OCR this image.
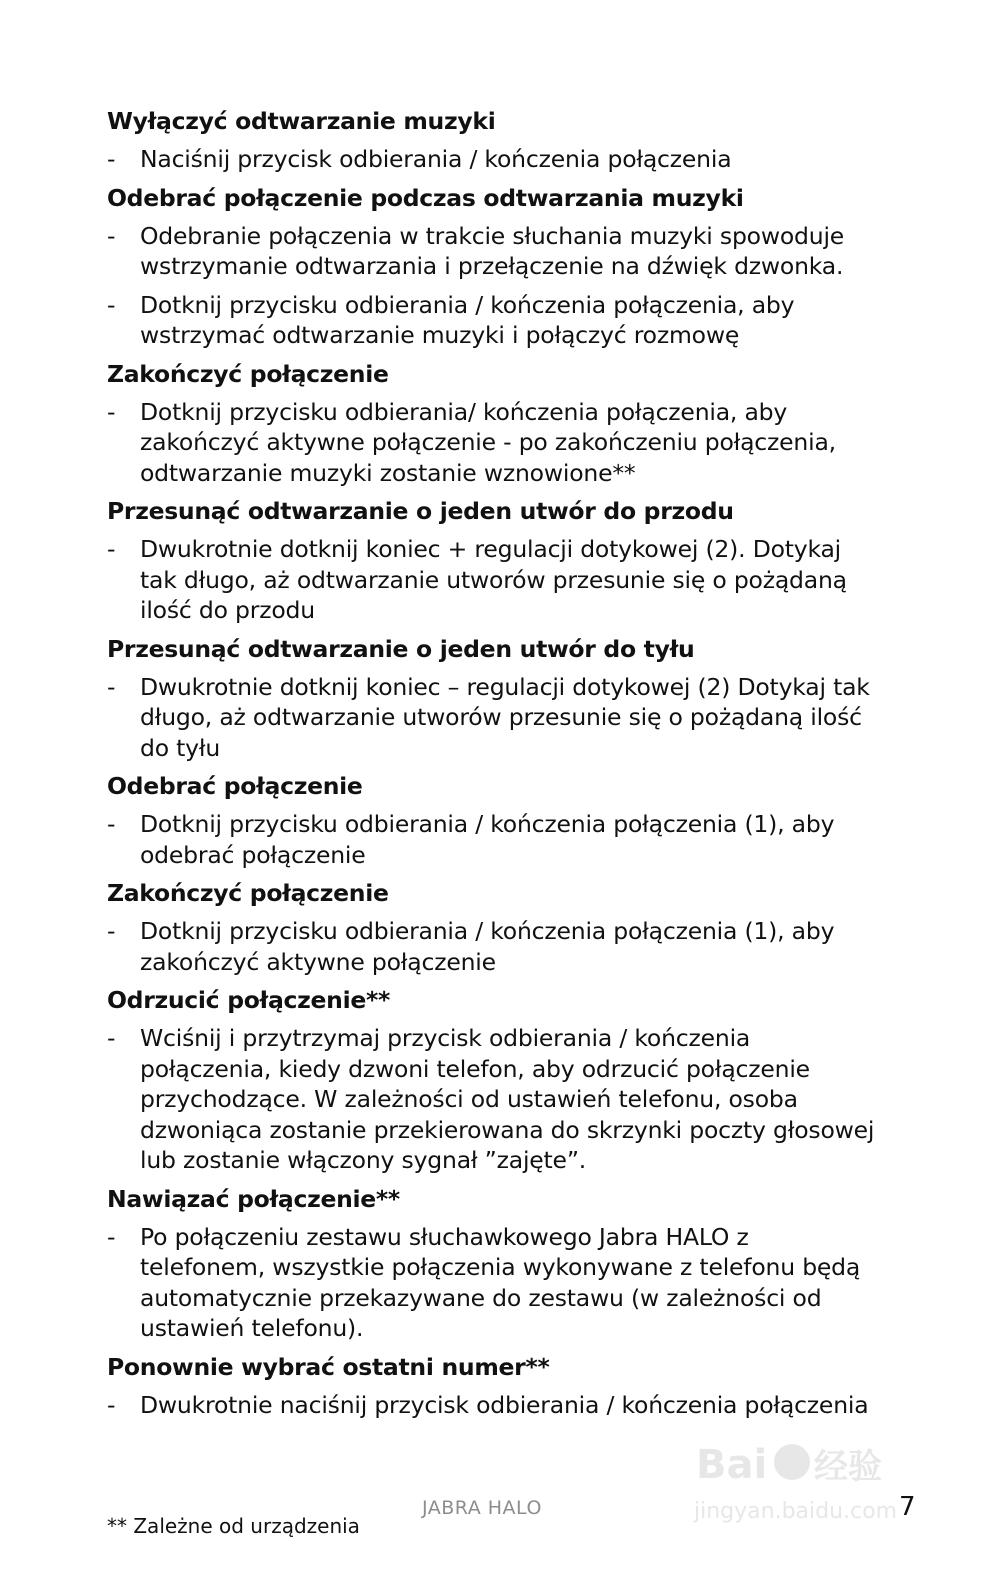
Wyłączyć odtwarzanie muzyki
-	Naciśnij przycisk odbierania / kończenia połączenia
Odebrać połączenie podczas odtwarzania muzyki
-	Odebranie połączenia w trakcie słuchania muzyki spowoduje wstrzymanie odtwarzania i przełączenie na dźwięk dzwonka.
-	Dotknij przycisku odbierania / kończenia połączenia, aby wstrzymać odtwarzanie muzyki i połączyć rozmowę
Zakończyć połączenie
-	Dotknij przycisku odbierania/ kończenia połączenia, aby zakończyć aktywne połączenie - po zakończeniu połączenia, odtwarzanie muzyki zostanie wznowione**
Przesunąć odtwarzanie o jeden utwór do przodu
-	Dwukrotnie dotknij koniec + regulacji dotykowej (2). Dotykaj tak długo, aż odtwarzanie utworów przesunie się o pożądaną ilość do przodu
Przesunąć odtwarzanie o jeden utwór do tyłu
-	Dwukrotnie dotknij koniec – regulacji dotykowej (2) Dotykaj tak długo, aż odtwarzanie utworów przesunie się o pożądaną ilość do tyłu
Odebrać połączenie
-	Dotknij przycisku odbierania / kończenia połączenia (1), aby odebrać połączenie
Zakończyć połączenie
-	Dotknij przycisku odbierania / kończenia połączenia (1), aby zakończyć aktywne połączenie
Odrzucić połączenie**
-	Wciśnij i przytrzymaj przycisk odbierania / kończenia połączenia, kiedy dzwoni telefon, aby odrzucić połączenie przychodzące. W zależności od ustawień telefonu, osoba dzwoniąca zostanie przekierowana do skrzynki poczty głosowej lub zostanie włączony sygnał ”zajęte”.
Nawiązać połączenie**
-	Po połączeniu zestawu słuchawkowego Jabra HALO z telefonem, wszystkie połączenia wykonywane z telefonu będą automatycznie przekazywane do zestawu (w zależności od ustawień telefonu).
Ponownie wybrać ostatni numer**
-	Dwukrotnie naciśnij przycisk odbierania / kończenia połączenia
** Zależne od urządzenia
JABRA HALO	7
Bai 经验
jingyan.baidu.com
